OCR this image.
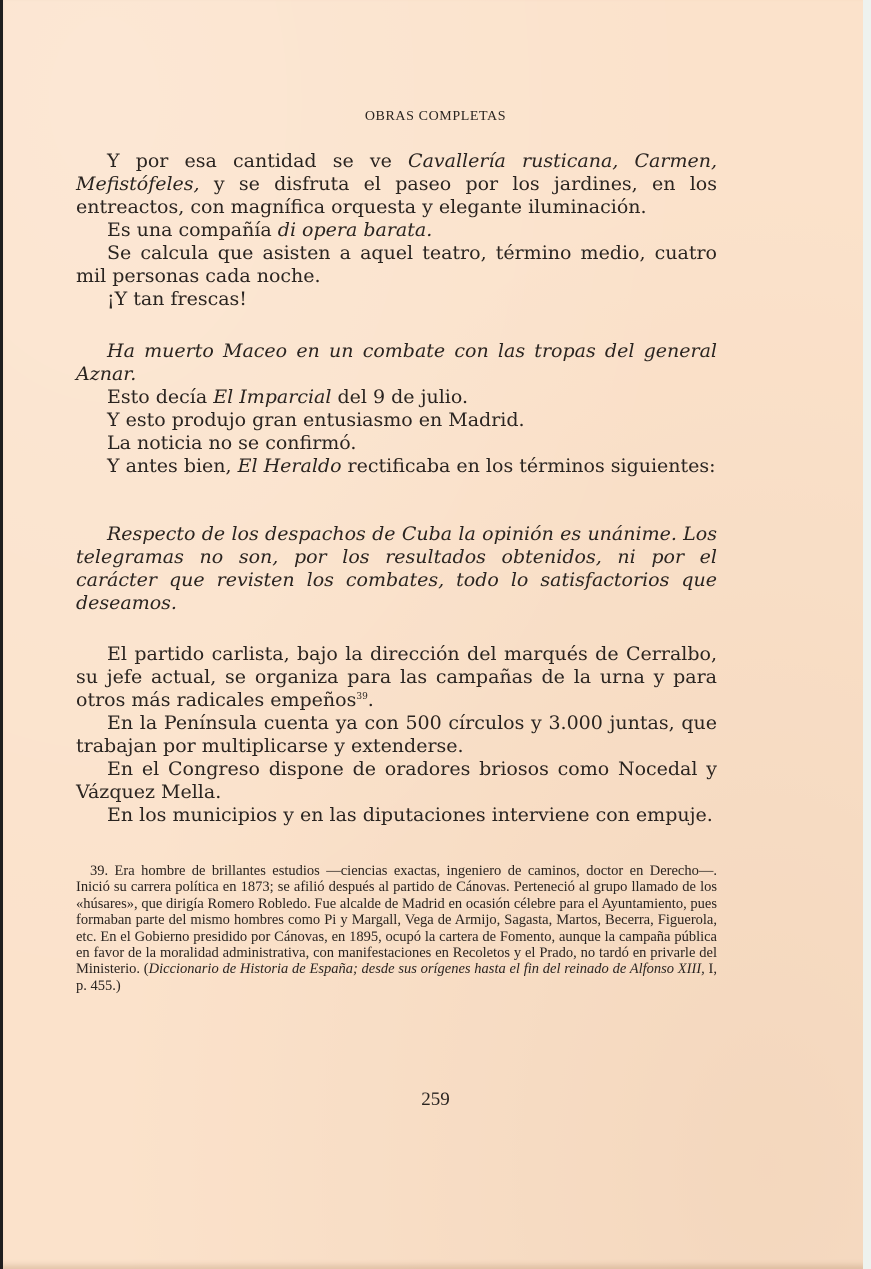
OBRAS COMPLETAS

Y por esa cantidad se ve Cavallería rusticana, Carmen, Mefistófeles, y se disfruta el paseo por los jardines, en los entreactos, con magnífica orquesta y elegante iluminación.

Es una compañía di opera barata.

Se calcula que asisten a aquel teatro, término medio, cuatro mil personas cada noche.

¡Y tan frescas!

Ha muerto Maceo en un combate con las tropas del general Aznar.

Esto decía El Imparcial del 9 de julio.

Y esto produjo gran entusiasmo en Madrid.

La noticia no se confirmó.

Y antes bien, El Heraldo rectificaba en los términos siguientes:

Respecto de los despachos de Cuba la opinión es unánime. Los telegramas no son, por los resultados obtenidos, ni por el carácter que revisten los combates, todo lo satisfactorios que deseamos.

El partido carlista, bajo la dirección del marqués de Cerralbo, su jefe actual, se organiza para las campañas de la urna y para otros más radicales empeños$^{39}$.

En la Península cuenta ya con 500 círculos y 3.000 juntas, que trabajan por multiplicarse y extenderse.

En el Congreso dispone de oradores briosos como Nocedal y Vázquez Mella.

En los municipios y en las diputaciones interviene con empuje.

39. Era hombre de brillantes estudios —ciencias exactas, ingeniero de caminos, doctor en Derecho—. Inició su carrera política en 1873; se afilió después al partido de Cánovas. Perteneció al grupo llamado de los «húsares», que dirigía Romero Robledo. Fue alcalde de Madrid en ocasión célebre para el Ayuntamiento, pues formaban parte del mismo hombres como Pi y Margall, Vega de Armijo, Sagasta, Martos, Becerra, Figuerola, etc. En el Gobierno presidido por Cánovas, en 1895, ocupó la cartera de Fomento, aunque la campaña pública en favor de la moralidad administrativa, con manifestaciones en Recoletos y el Prado, no tardó en privarle del Ministerio. (Diccionario de Historia de España; desde sus orígenes hasta el fin del reinado de Alfonso XIII, I, p. 455.)

259
